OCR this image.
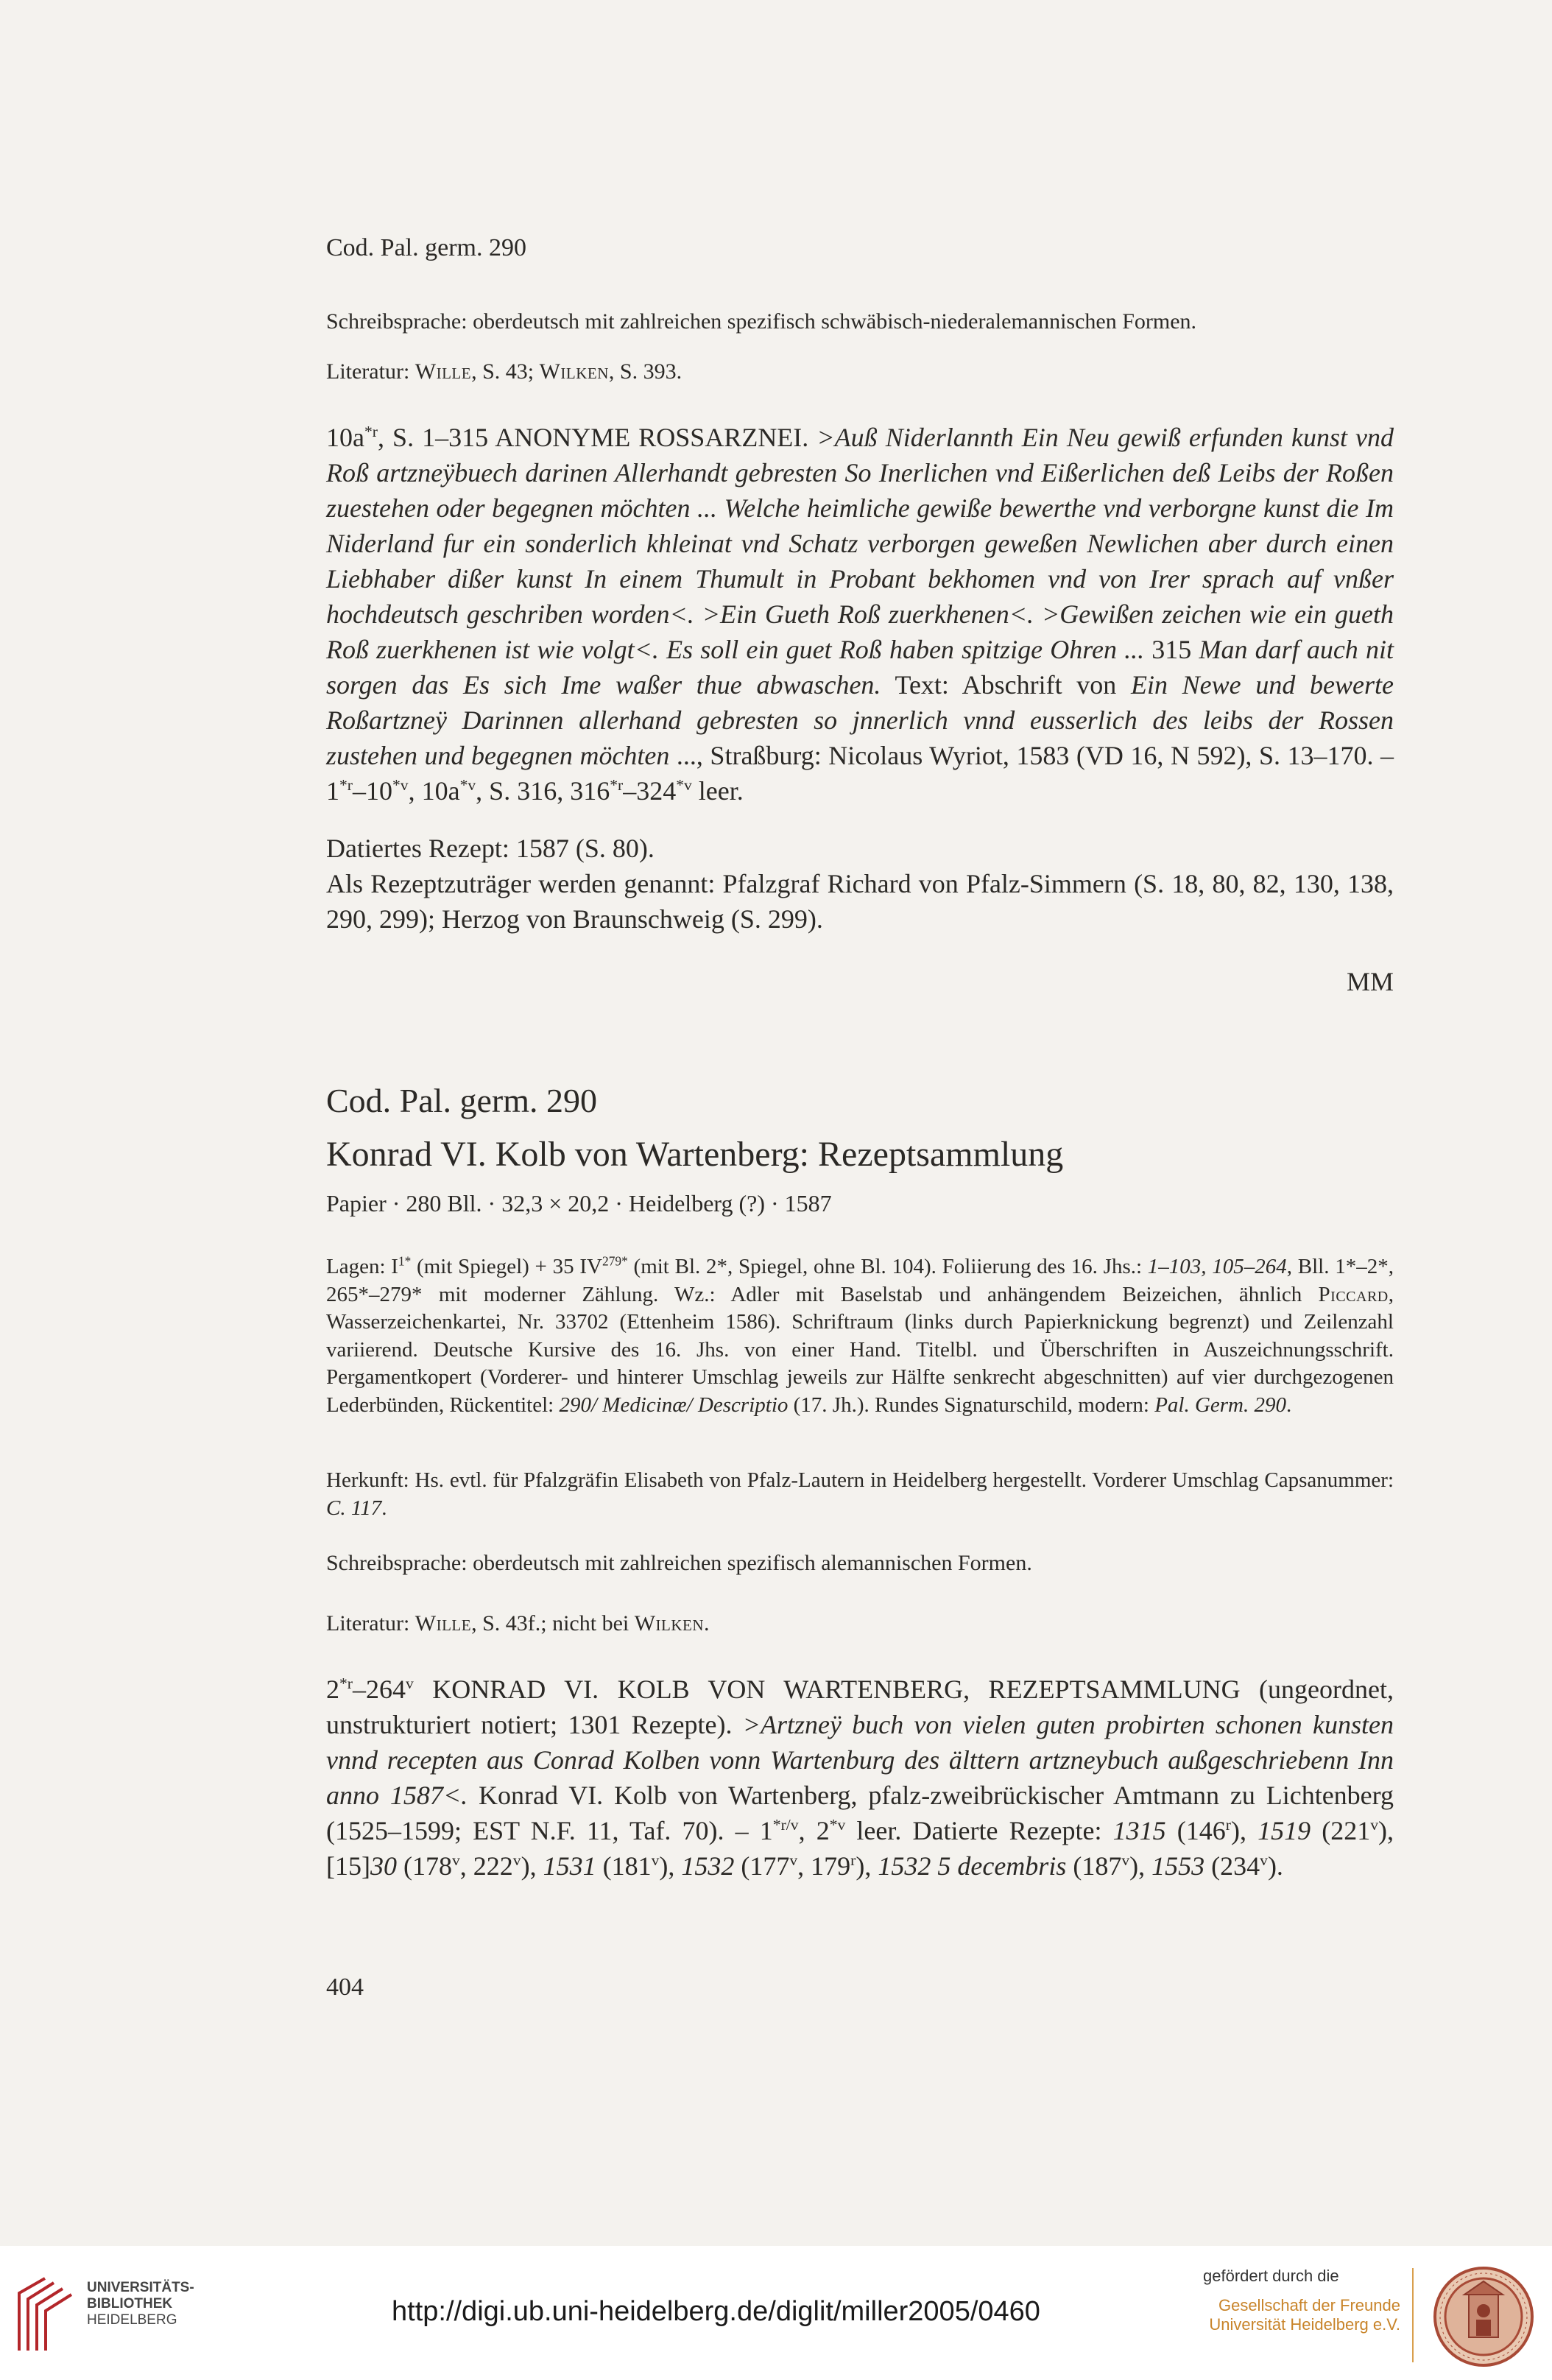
Cod. Pal. germ. 290

Schreibsprache: oberdeutsch mit zahlreichen spezifisch schwäbisch-niederalemannischen Formen.

Literatur: Wille, S. 43; Wilken, S. 393.

$10a^{*r}$, S. 1–315 ANONYME ROSSARZNEI. >Auß Niderlannth Ein Neu gewiß erfunden kunst vnd Roß artzneÿbuech darinen Allerhandt gebresten So Inerlichen vnd Eißerlichen deß Leibs der Roßen zuestehen oder begegnen möchten ... Welche heimliche gewiße bewerthe vnd verborgne kunst die Im Niderland fur ein sonderlich khleinat vnd Schatz verborgen geweßen Newlichen aber durch einen Liebhaber dißer kunst In einem Thumult in Probant bekhomen vnd von Irer sprach auf vnßer hochdeutsch geschriben worden<. >Ein Gueth Roß zuerkhenen<. >Gewißen zeichen wie ein gueth Roß zuerkhenen ist wie volgt<. Es soll ein guet Roß haben spitzige Ohren ... 315 Man darf auch nit sorgen das Es sich Ime waßer thue abwaschen. Text: Abschrift von Ein Newe und bewerte Roßartzneÿ Darinnen allerhand gebresten so jnnerlich vnnd eusserlich des leibs der Rossen zustehen und begegnen möchten ..., Straßburg: Nicolaus Wyriot, 1583 (VD 16, N 592), S. 13–170. – 1$^{*r}$–10$^{*v}$, $10a^{*v}$, S. 316, 316$^{*r}$–324$^{*v}$ leer.

Datiertes Rezept: 1587 (S. 80).

Als Rezeptzuträger werden genannt: Pfalzgraf Richard von Pfalz-Simmern (S. 18, 80, 82, 130, 138, 290, 299); Herzog von Braunschweig (S. 299).

MM
Cod. Pal. germ. 290
Konrad VI. Kolb von Wartenberg: Rezeptsammlung

Papier · 280 Bll. · 32,3 × 20,2 · Heidelberg (?) · 1587

Lagen: $I^{1*}$ (mit Spiegel) + 35 $IV^{279*}$ (mit Bl. 2*, Spiegel, ohne Bl. 104). Foliierung des 16. Jhs.: 1–103, 105–264, Bll. 1*–2*, 265*–279* mit moderner Zählung. Wz.: Adler mit Baselstab und anhängendem Beizeichen, ähnlich Piccard, Wasserzeichenkartei, Nr. 33702 (Ettenheim 1586). Schriftraum (links durch Papierknickung begrenzt) und Zeilenzahl variierend. Deutsche Kursive des 16. Jhs. von einer Hand. Titelbl. und Überschriften in Auszeichnungsschrift. Pergamentkopert (Vorderer- und hinterer Umschlag jeweils zur Hälfte senkrecht abgeschnitten) auf vier durchgezogenen Lederbünden, Rückentitel: 290/ Medicinæ/ Descriptio (17. Jh.). Rundes Signaturschild, modern: Pal. Germ. 290.

Herkunft: Hs. evtl. für Pfalzgräfin Elisabeth von Pfalz-Lautern in Heidelberg hergestellt. Vorderer Umschlag Capsanummer: C. 117.

Schreibsprache: oberdeutsch mit zahlreichen spezifisch alemannischen Formen.

Literatur: Wille, S. 43f.; nicht bei Wilken.

2$^{*r}$–264$^v$ KONRAD VI. KOLB VON WARTENBERG, REZEPTSAMMLUNG (ungeordnet, unstrukturiert notiert; 1301 Rezepte). >Artzneÿ buch von vielen guten probirten schonen kunsten vnnd recepten aus Conrad Kolben vonn Wartenburg des älttern artzneybuch außgeschriebenn Inn anno 1587<. Konrad VI. Kolb von Wartenberg, pfalz-zweibrückischer Amtmann zu Lichtenberg (1525–1599; EST N.F. 11, Taf. 70). – $1^{*r/v}$, 2$^{*v}$ leer. Datierte Rezepte: 1315 (146$^r$), 1519 (221$^v$), [15]30 (178$^v$, 222$^v$), 1531 (181$^v$), 1532 (177$^v$, 179$^r$), 1532 5 decembris (187$^v$), 1553 (234$^v$).

404
UNIVERSITÄTS-
BIBLIOTHEK
HEIDELBERG	http://digi.ub.uni-heidelberg.de/diglit/miller2005/0460
gefördert durch die
Gesellschaft der Freunde
Universität Heidelberg e.V.
